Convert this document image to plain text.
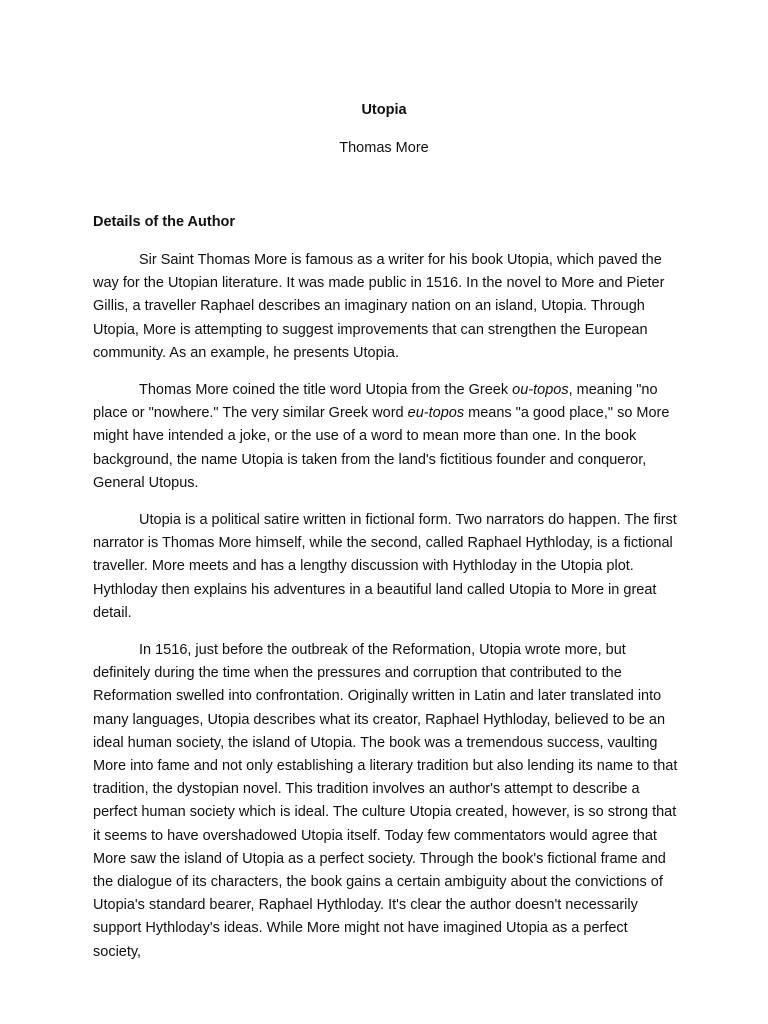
Utopia
Thomas More
Details of the Author

Sir Saint Thomas More is famous as a writer for his book Utopia, which paved the way for the Utopian literature. It was made public in 1516. In the novel to More and Pieter Gillis, a traveller Raphael describes an imaginary nation on an island, Utopia. Through Utopia, More is attempting to suggest improvements that can strengthen the European community. As an example, he presents Utopia.

Thomas More coined the title word Utopia from the Greek ou-topos, meaning "no place or "nowhere." The very similar Greek word eu-topos means "a good place," so More might have intended a joke, or the use of a word to mean more than one. In the book background, the name Utopia is taken from the land's fictitious founder and conqueror, General Utopus.

Utopia is a political satire written in fictional form. Two narrators do happen. The first narrator is Thomas More himself, while the second, called Raphael Hythloday, is a fictional traveller. More meets and has a lengthy discussion with Hythloday in the Utopia plot. Hythloday then explains his adventures in a beautiful land called Utopia to More in great detail.

In 1516, just before the outbreak of the Reformation, Utopia wrote more, but definitely during the time when the pressures and corruption that contributed to the Reformation swelled into confrontation. Originally written in Latin and later translated into many languages, Utopia describes what its creator, Raphael Hythloday, believed to be an ideal human society, the island of Utopia. The book was a tremendous success, vaulting More into fame and not only establishing a literary tradition but also lending its name to that tradition, the dystopian novel. This tradition involves an author's attempt to describe a perfect human society which is ideal. The culture Utopia created, however, is so strong that it seems to have overshadowed Utopia itself. Today few commentators would agree that More saw the island of Utopia as a perfect society. Through the book's fictional frame and the dialogue of its characters, the book gains a certain ambiguity about the convictions of Utopia's standard bearer, Raphael Hythloday. It's clear the author doesn't necessarily support Hythloday's ideas. While More might not have imagined Utopia as a perfect society,
